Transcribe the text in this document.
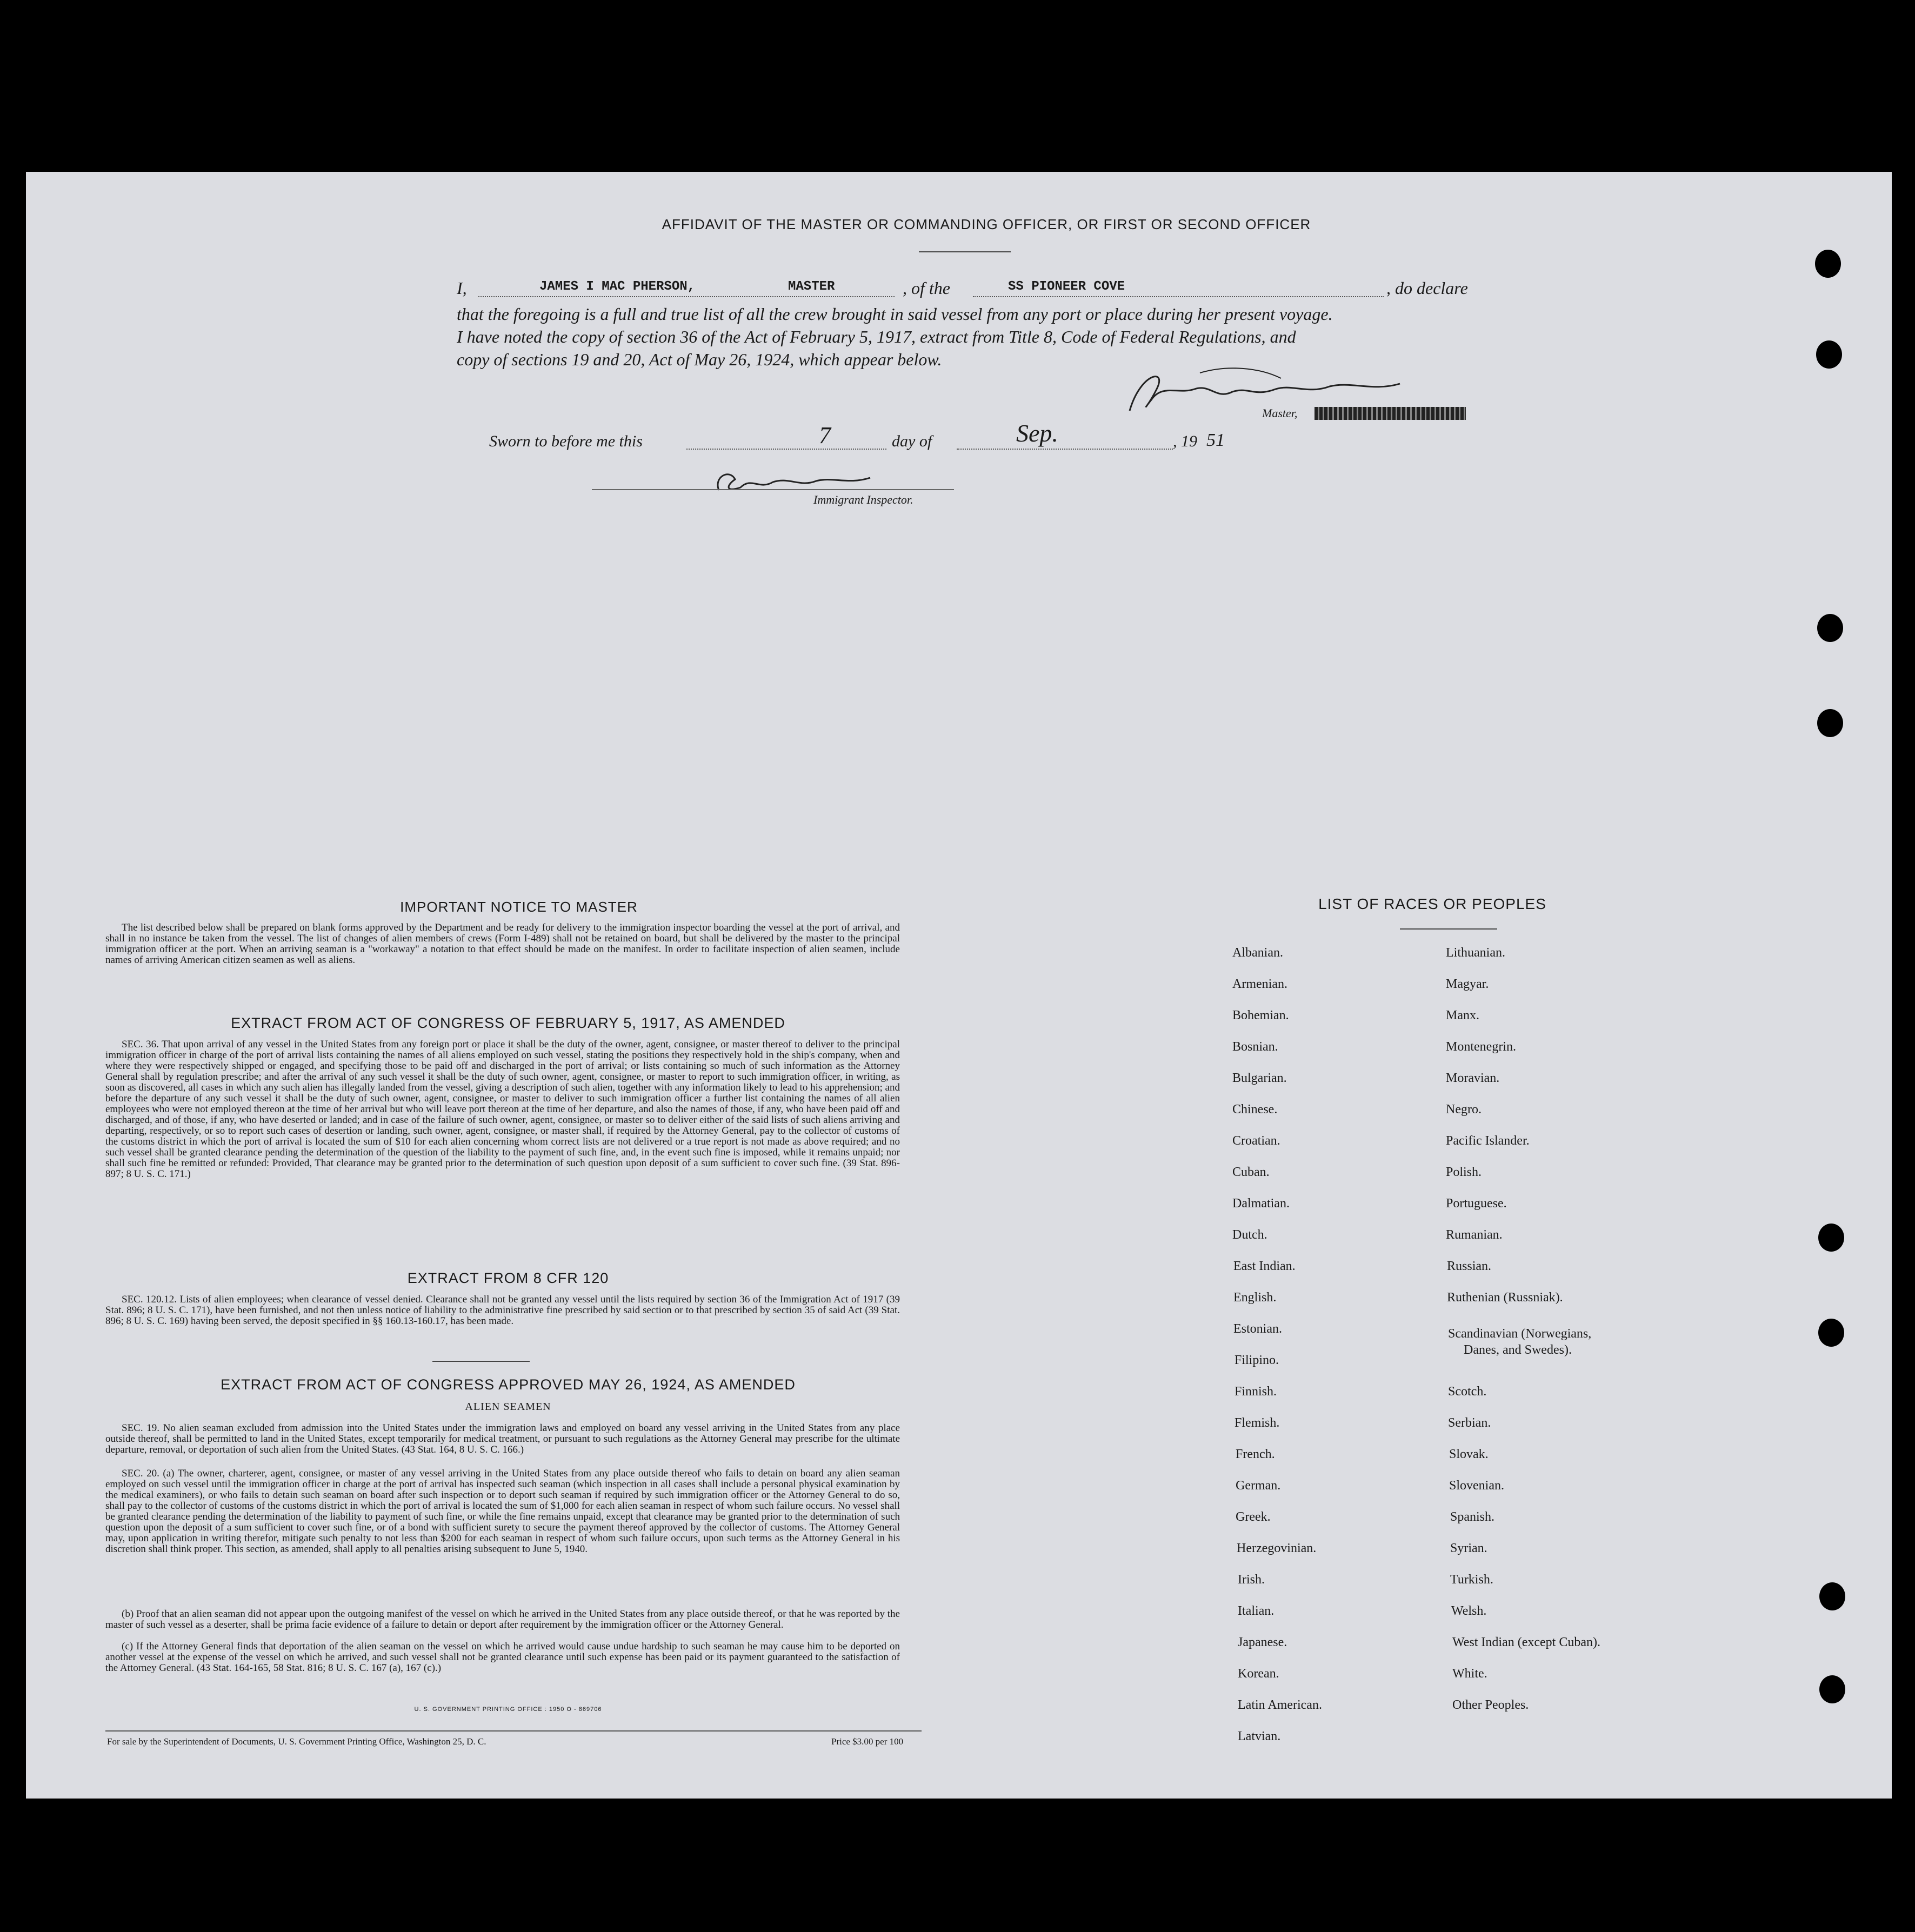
AFFIDAVIT OF THE MASTER OR COMMANDING OFFICER, OR FIRST OR SECOND OFFICER
I,	JAMES I MAC PHERSON,	MASTER	, of the	SS PIONEER COVE	, do declare
that the foregoing is a full and true list of all the crew brought in said vessel from any port or place during her present voyage.
I have noted the copy of section 36 of the Act of February 5, 1917, extract from Title 8, Code of Federal Regulations, and
copy of sections 19 and 20, Act of May 26, 1924, which appear below.
Master,
Sworn to before me this	7	day of	Sep.	, 19 51
Immigrant Inspector.
IMPORTANT NOTICE TO MASTER
The list described below shall be prepared on blank forms approved by the Department and be ready for delivery to the immigration inspector boarding the vessel at the port of arrival, and shall in no instance be taken from the vessel. The list of changes of alien members of crews (Form I-489) shall not be retained on board, but shall be delivered by the master to the principal immigration officer at the port. When an arriving seaman is a "workaway" a notation to that effect should be made on the manifest. In order to facilitate inspection of alien seamen, include names of arriving American citizen seamen as well as aliens.
EXTRACT FROM ACT OF CONGRESS OF FEBRUARY 5, 1917, AS AMENDED
SEC. 36. That upon arrival of any vessel in the United States from any foreign port or place it shall be the duty of the owner, agent, consignee, or master thereof to deliver to the principal immigration officer in charge of the port of arrival lists containing the names of all aliens employed on such vessel, stating the positions they respectively hold in the ship's company, when and where they were respectively shipped or engaged, and specifying those to be paid off and discharged in the port of arrival; or lists containing so much of such information as the Attorney General shall by regulation prescribe; and after the arrival of any such vessel it shall be the duty of such owner, agent, consignee, or master to report to such immigration officer, in writing, as soon as discovered, all cases in which any such alien has illegally landed from the vessel, giving a description of such alien, together with any information likely to lead to his apprehension; and before the departure of any such vessel it shall be the duty of such owner, agent, consignee, or master to deliver to such immigration officer a further list containing the names of all alien employees who were not employed thereon at the time of her arrival but who will leave port thereon at the time of her departure, and also the names of those, if any, who have been paid off and discharged, and of those, if any, who have deserted or landed; and in case of the failure of such owner, agent, consignee, or master so to deliver either of the said lists of such aliens arriving and departing, respectively, or so to report such cases of desertion or landing, such owner, agent, consignee, or master shall, if required by the Attorney General, pay to the collector of customs of the customs district in which the port of arrival is located the sum of $10 for each alien concerning whom correct lists are not delivered or a true report is not made as above required; and no such vessel shall be granted clearance pending the determination of the question of the liability to the payment of such fine, and, in the event such fine is imposed, while it remains unpaid; nor shall such fine be remitted or refunded: Provided, That clearance may be granted prior to the determination of such question upon deposit of a sum sufficient to cover such fine. (39 Stat. 896-897; 8 U. S. C. 171.)
EXTRACT FROM 8 CFR 120
SEC. 120.12. Lists of alien employees; when clearance of vessel denied. Clearance shall not be granted any vessel until the lists required by section 36 of the Immigration Act of 1917 (39 Stat. 896; 8 U. S. C. 171), have been furnished, and not then unless notice of liability to the administrative fine prescribed by said section or to that prescribed by section 35 of said Act (39 Stat. 896; 8 U. S. C. 169) having been served, the deposit specified in §§ 160.13-160.17, has been made.
EXTRACT FROM ACT OF CONGRESS APPROVED MAY 26, 1924, AS AMENDED
ALIEN SEAMEN
SEC. 19. No alien seaman excluded from admission into the United States under the immigration laws and employed on board any vessel arriving in the United States from any place outside thereof, shall be permitted to land in the United States, except temporarily for medical treatment, or pursuant to such regulations as the Attorney General may prescribe for the ultimate departure, removal, or deportation of such alien from the United States. (43 Stat. 164, 8 U. S. C. 166.)
SEC. 20. (a) The owner, charterer, agent, consignee, or master of any vessel arriving in the United States from any place outside thereof who fails to detain on board any alien seaman employed on such vessel until the immigration officer in charge at the port of arrival has inspected such seaman (which inspection in all cases shall include a personal physical examination by the medical examiners), or who fails to detain such seaman on board after such inspection or to deport such seaman if required by such immigration officer or the Attorney General to do so, shall pay to the collector of customs of the customs district in which the port of arrival is located the sum of $1,000 for each alien seaman in respect of whom such failure occurs. No vessel shall be granted clearance pending the determination of the liability to payment of such fine, or while the fine remains unpaid, except that clearance may be granted prior to the determination of such question upon the deposit of a sum sufficient to cover such fine, or of a bond with sufficient surety to secure the payment thereof approved by the collector of customs. The Attorney General may, upon application in writing therefor, mitigate such penalty to not less than $200 for each seaman in respect of whom such failure occurs, upon such terms as the Attorney General in his discretion shall think proper. This section, as amended, shall apply to all penalties arising subsequent to June 5, 1940.
(b) Proof that an alien seaman did not appear upon the outgoing manifest of the vessel on which he arrived in the United States from any place outside thereof, or that he was reported by the master of such vessel as a deserter, shall be prima facie evidence of a failure to detain or deport after requirement by the immigration officer or the Attorney General.
(c) If the Attorney General finds that deportation of the alien seaman on the vessel on which he arrived would cause undue hardship to such seaman he may cause him to be deported on another vessel at the expense of the vessel on which he arrived, and such vessel shall not be granted clearance until such expense has been paid or its payment guaranteed to the satisfaction of the Attorney General. (43 Stat. 164-165, 58 Stat. 816; 8 U. S. C. 167 (a), 167 (c).)
U. S. GOVERNMENT PRINTING OFFICE : 1950 O - 869706
For sale by the Superintendent of Documents, U. S. Government Printing Office, Washington 25, D. C.	Price $3.00 per 100
LIST OF RACES OR PEOPLES
Albanian.
Armenian.
Bohemian.
Bosnian.
Bulgarian.
Chinese.
Croatian.
Cuban.
Dalmatian.
Dutch.
East Indian.
English.
Estonian.
Filipino.
Finnish.
Flemish.
French.
German.
Greek.
Herzegovinian.
Irish.
Italian.
Japanese.
Korean.
Latin American.
Latvian.
Lithuanian.
Magyar.
Manx.
Montenegrin.
Moravian.
Negro.
Pacific Islander.
Polish.
Portuguese.
Rumanian.
Russian.
Ruthenian (Russniak).
Scandinavian (Norwegians,
Danes, and Swedes).
Scotch.
Serbian.
Slovak.
Slovenian.
Spanish.
Syrian.
Turkish.
Welsh.
West Indian (except Cuban).
White.
Other Peoples.
